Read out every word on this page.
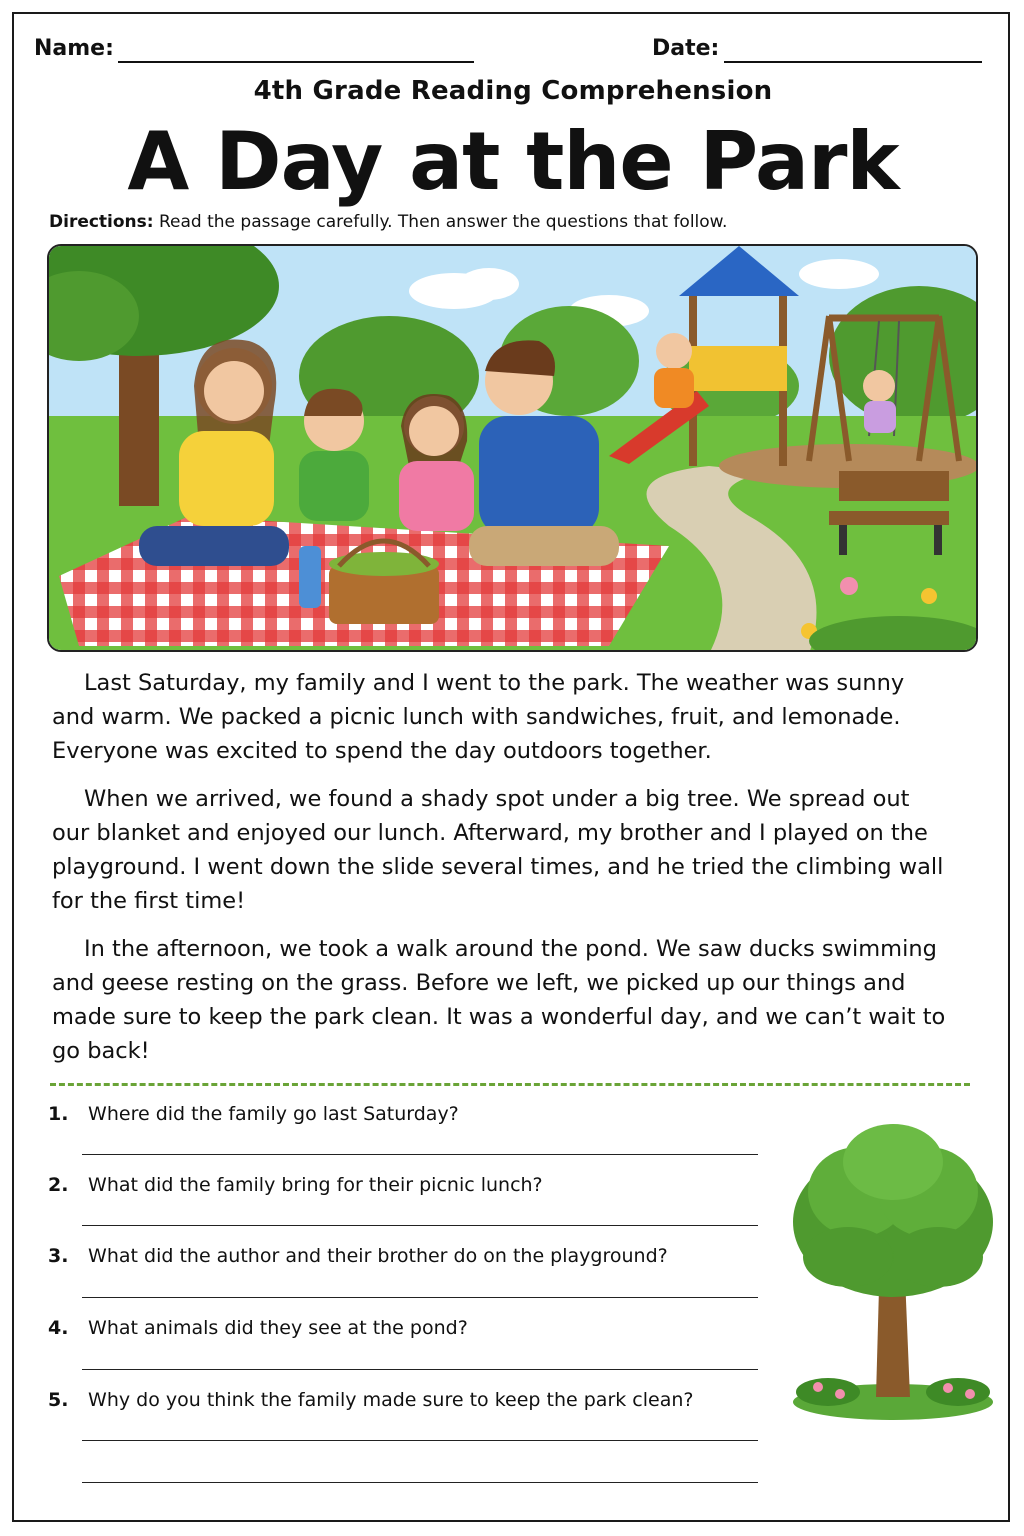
Name:	Date:
4th Grade Reading Comprehension
A Day at the Park
Directions: Read the passage carefully. Then answer the questions that follow.

Last Saturday, my family and I went to the park. The weather was sunny and warm. We packed a picnic lunch with sandwiches, fruit, and lemonade. Everyone was excited to spend the day outdoors together.

When we arrived, we found a shady spot under a big tree. We spread out our blanket and enjoyed our lunch. Afterward, my brother and I played on the playground. I went down the slide several times, and he tried the climbing wall for the first time!

In the afternoon, we took a walk around the pond. We saw ducks swimming and geese resting on the grass. Before we left, we picked up our things and made sure to keep the park clean. It was a wonderful day, and we can’t wait to go back!

1. Where did the family go last Saturday?
2. What did the family bring for their picnic lunch?
3. What did the author and their brother do on the playground?
4. What animals did they see at the pond?
5. Why do you think the family made sure to keep the park clean?
